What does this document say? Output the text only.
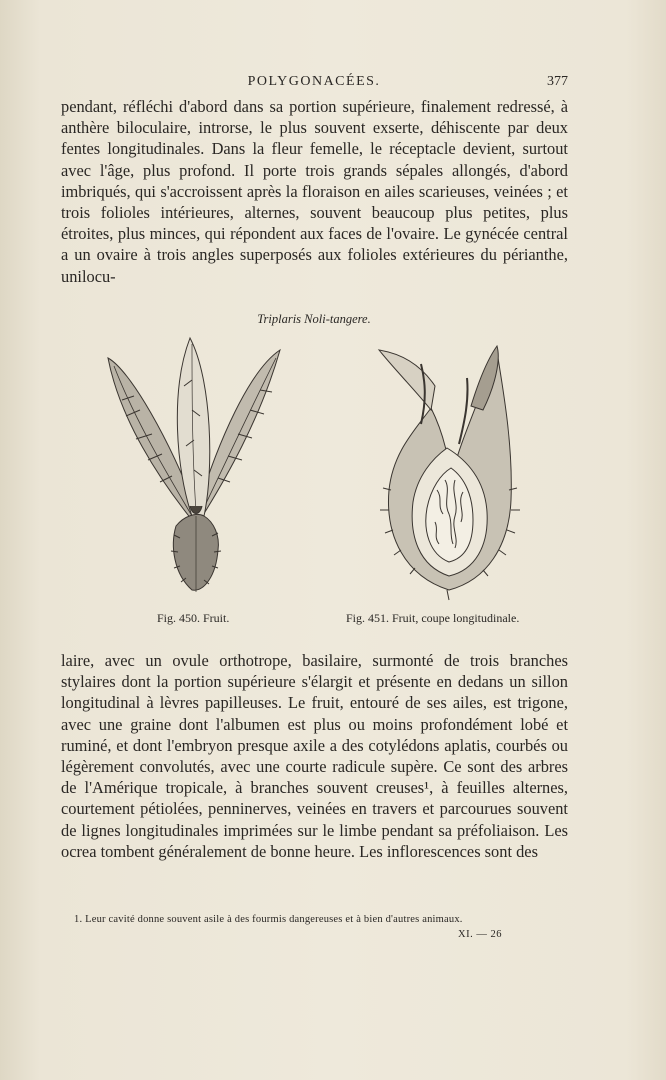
POLYGONACÉES.	377

pendant, réfléchi d'abord dans sa portion supérieure, finalement redressé, à anthère biloculaire, introrse, le plus souvent exserte, déhiscente par deux fentes longitudinales. Dans la fleur femelle, le réceptacle devient, surtout avec l'âge, plus profond. Il porte trois grands sépales allongés, d'abord imbriqués, qui s'accroissent après la floraison en ailes scarieuses, veinées ; et trois folioles intérieures, alternes, souvent beaucoup plus petites, plus étroites, plus minces, qui répondent aux faces de l'ovaire. Le gynécée central a un ovaire à trois angles superposés aux folioles extérieures du périanthe, unilocu-

Triplaris Noli-tangere.
Fig. 450. Fruit.	Fig. 451. Fruit, coupe longitudinale.

laire, avec un ovule orthotrope, basilaire, surmonté de trois branches stylaires dont la portion supérieure s'élargit et présente en dedans un sillon longitudinal à lèvres papilleuses. Le fruit, entouré de ses ailes, est trigone, avec une graine dont l'albumen est plus ou moins profondément lobé et ruminé, et dont l'embryon presque axile a des cotylédons aplatis, courbés ou légèrement convolutés, avec une courte radicule supère. Ce sont des arbres de l'Amérique tropicale, à branches souvent creuses¹, à feuilles alternes, courtement pétiolées, penninerves, veinées en travers et parcourues souvent de lignes longitudinales imprimées sur le limbe pendant sa préfoliaison. Les ocrea tombent généralement de bonne heure. Les inflorescences sont des

1. Leur cavité donne souvent asile à des fourmis dangereuses et à bien d'autres animaux.
XI. — 26
